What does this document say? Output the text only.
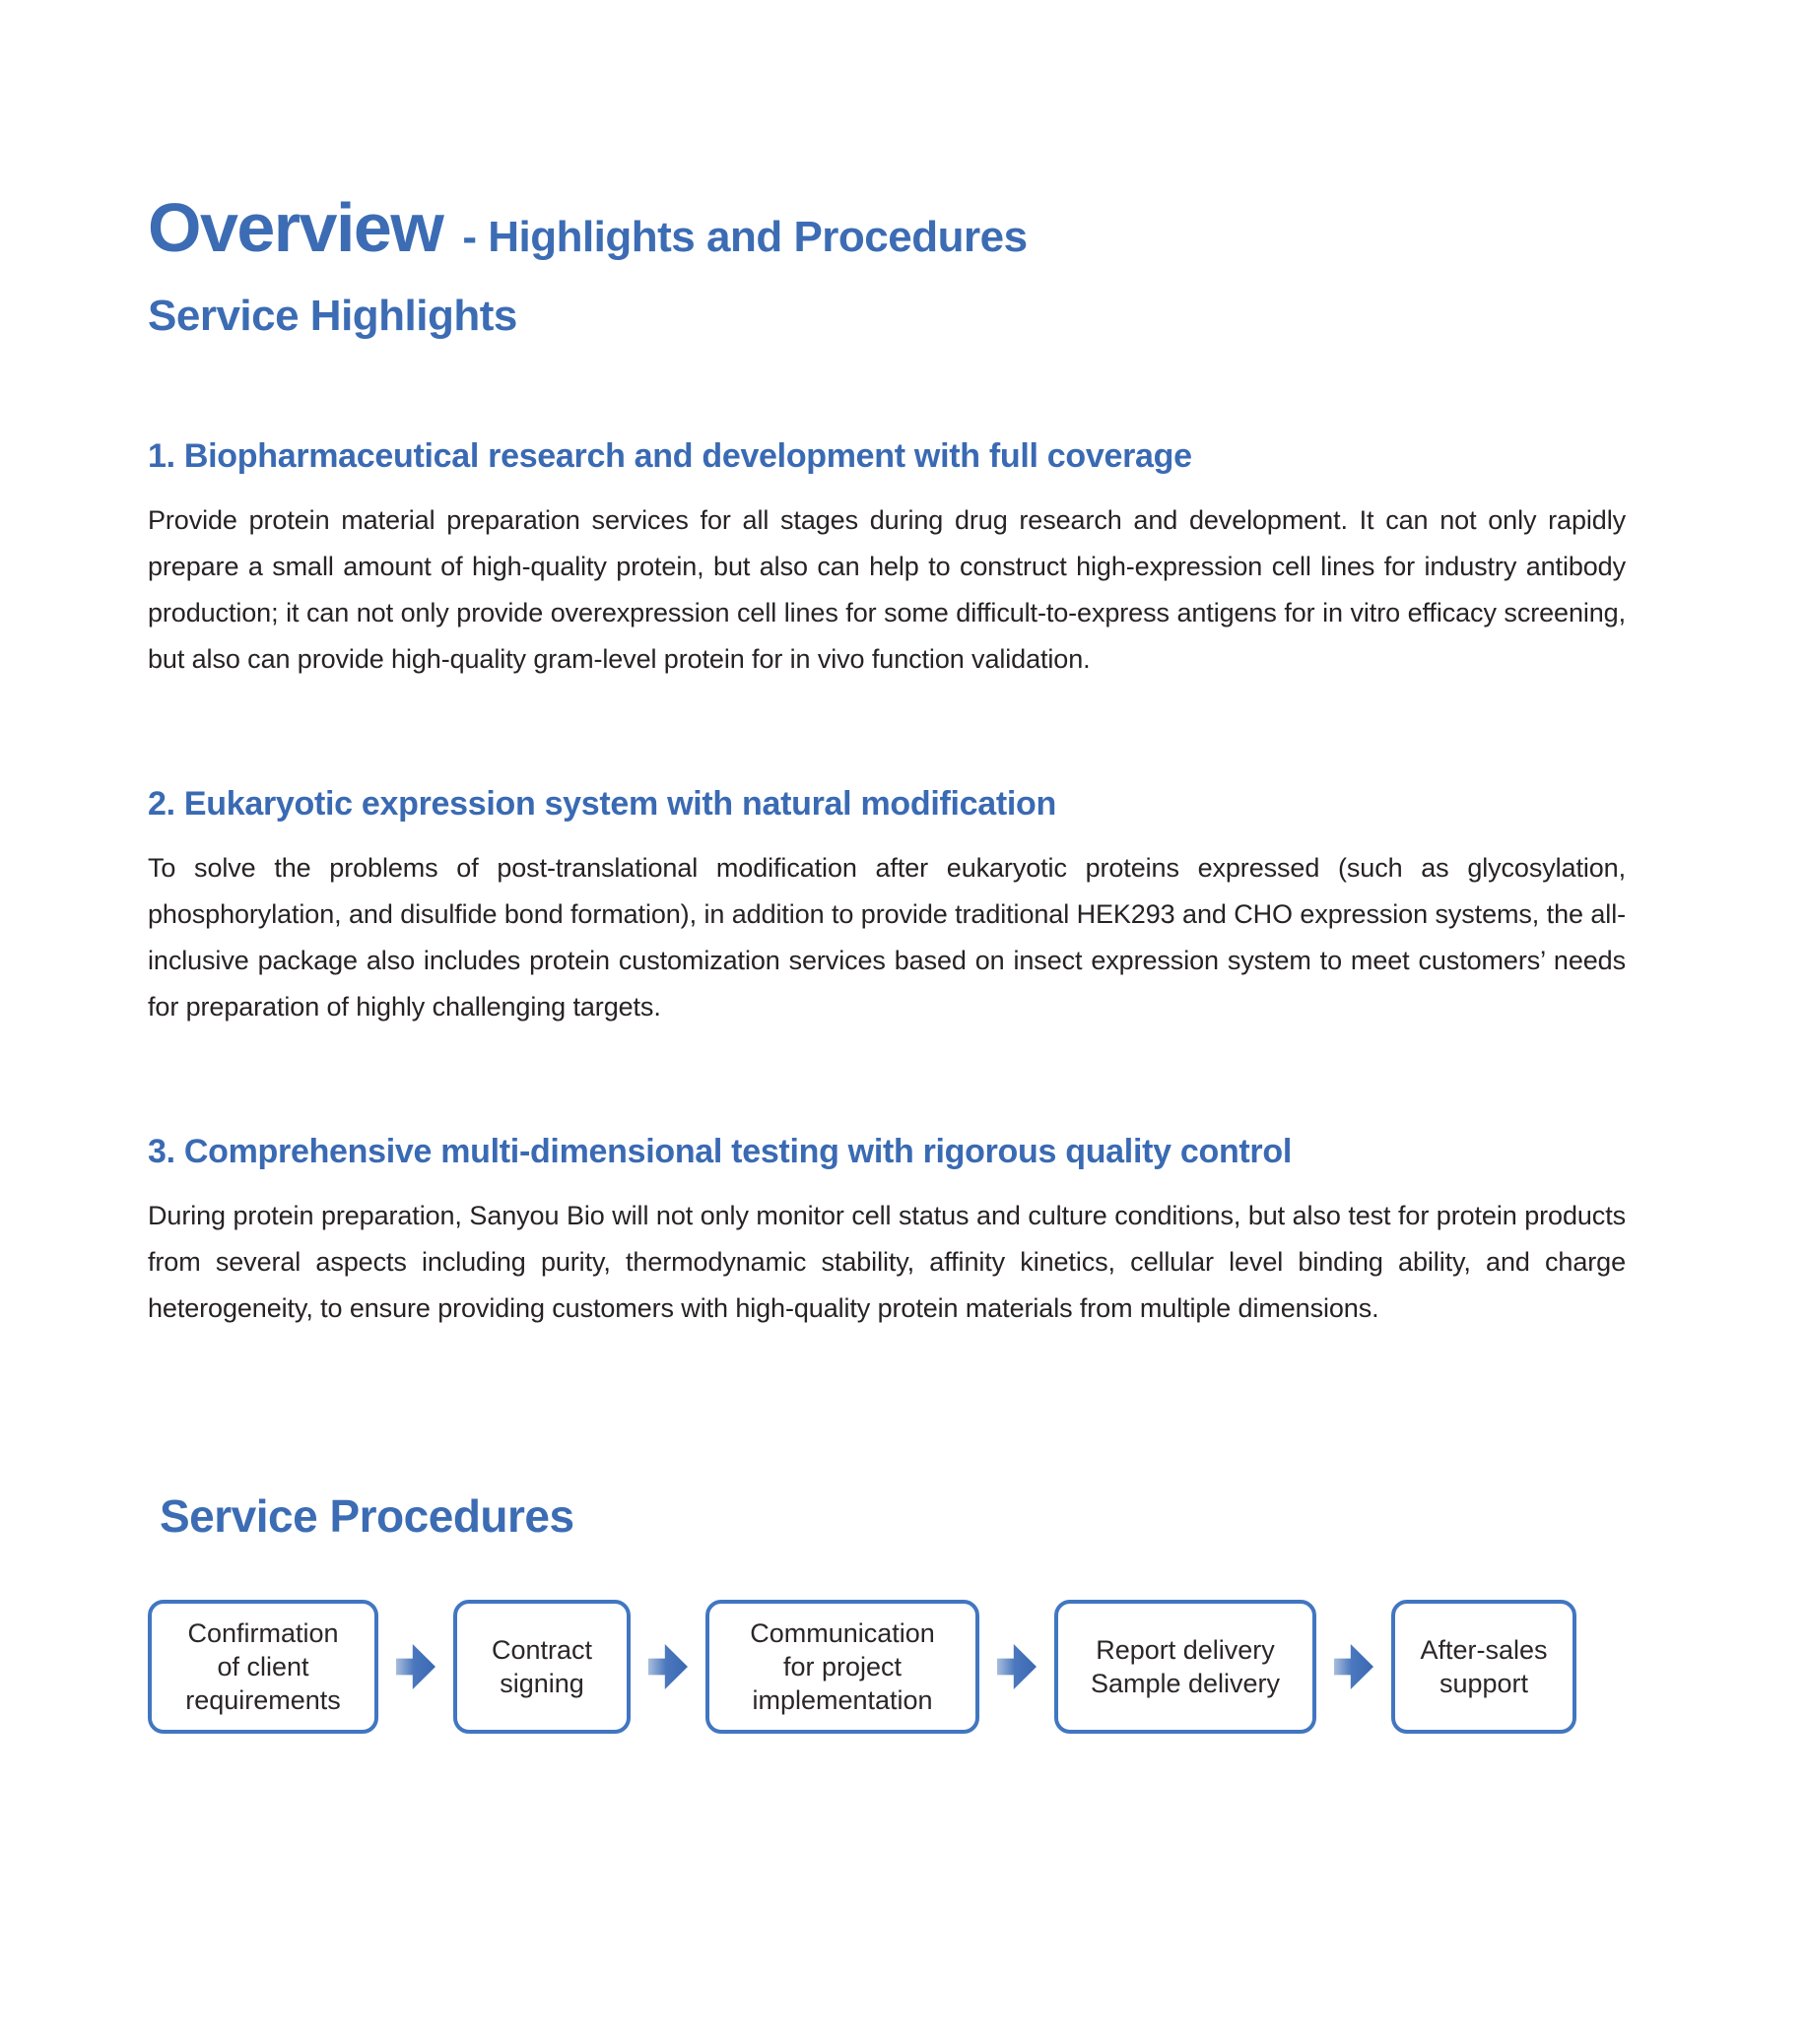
Overview - Highlights and Procedures
Service Highlights
1. Biopharmaceutical research and development with full coverage

Provide protein material preparation services for all stages during drug research and development. It can not only rapidly prepare a small amount of high-quality protein, but also can help to construct high-expression cell lines for industry antibody production; it can not only provide overexpression cell lines for some difficult-to-express antigens for in vitro efficacy screening, but also can provide high-quality gram-level protein for in vivo function validation.

2. Eukaryotic expression system with natural modification

To solve the problems of post-translational modification after eukaryotic proteins expressed (such as glycosylation, phosphorylation, and disulfide bond formation), in addition to provide traditional HEK293 and CHO expression systems, the all-inclusive package also includes protein customization services based on insect expression system to meet customers’ needs for preparation of highly challenging targets.

3. Comprehensive multi-dimensional testing with rigorous quality control

During protein preparation, Sanyou Bio will not only monitor cell status and culture conditions, but also test for protein products from several aspects including purity, thermodynamic stability, affinity kinetics, cellular level binding ability, and charge heterogeneity, to ensure providing customers with high-quality protein materials from multiple dimensions.

Service Procedures
Confirmation
of client
requirements
Contract
signing
Communication
for project
implementation
Report delivery
Sample delivery
After-sales
support
